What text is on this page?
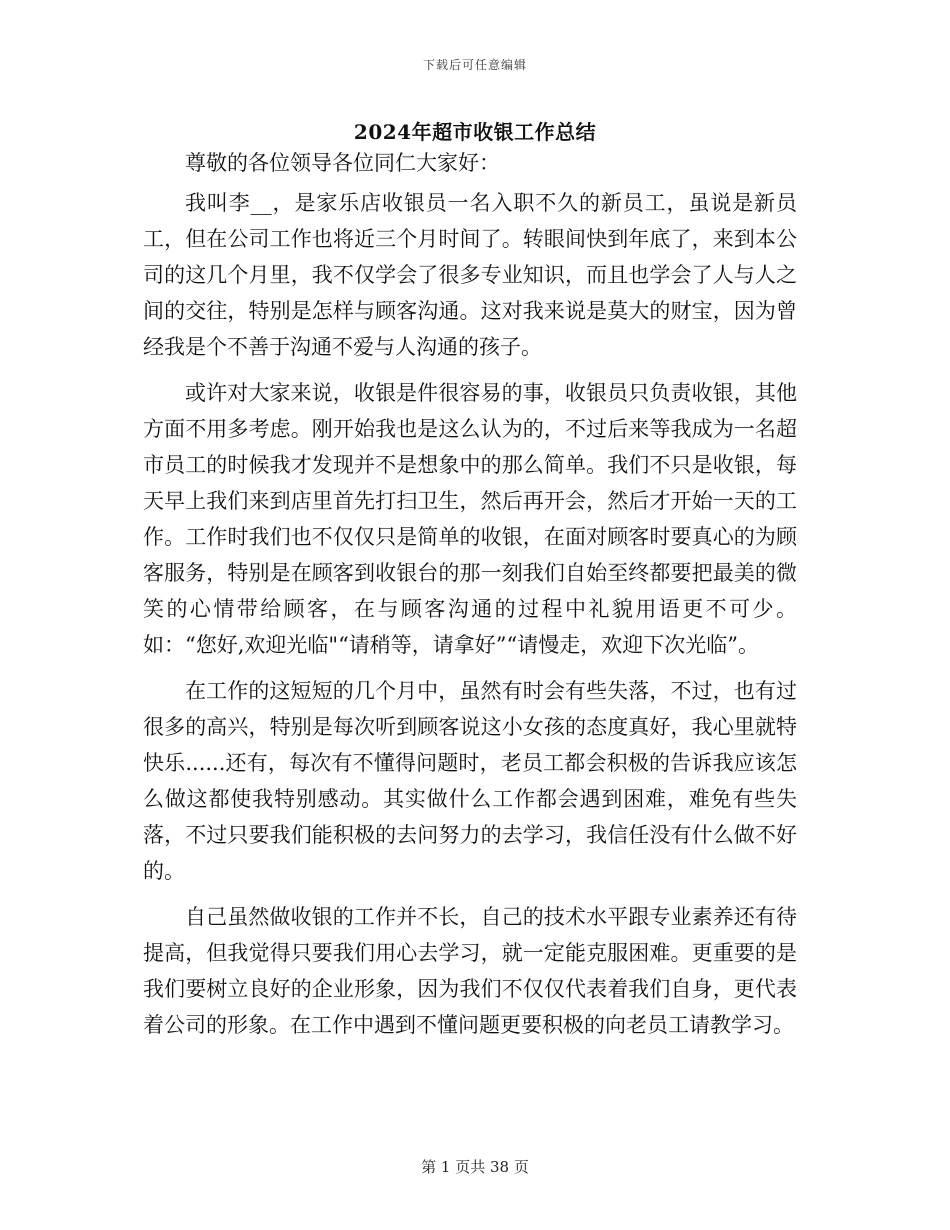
下载后可任意编辑
2024年超市收银工作总结

尊敬的各位领导各位同仁大家好：

我叫李__，是家乐店收银员一名入职不久的新员工，虽说是新员工，但在公司工作也将近三个月时间了。转眼间快到年底了，来到本公司的这几个月里，我不仅学会了很多专业知识，而且也学会了人与人之间的交往，特别是怎样与顾客沟通。这对我来说是莫大的财宝，因为曾经我是个不善于沟通不爱与人沟通的孩子。

或许对大家来说，收银是件很容易的事，收银员只负责收银，其他方面不用多考虑。刚开始我也是这么认为的，不过后来等我成为一名超市员工的时候我才发现并不是想象中的那么简单。我们不只是收银，每天早上我们来到店里首先打扫卫生，然后再开会，然后才开始一天的工作。工作时我们也不仅仅只是简单的收银，在面对顾客时要真心的为顾客服务，特别是在顾客到收银台的那一刻我们自始至终都要把最美的微笑的心情带给顾客，在与顾客沟通的过程中礼貌用语更不可少。如：“您好,欢迎光临"“请稍等，请拿好”“请慢走，欢迎下次光临”。

在工作的这短短的几个月中，虽然有时会有些失落，不过，也有过很多的高兴，特别是每次听到顾客说这小女孩的态度真好，我心里就特快乐......还有，每次有不懂得问题时，老员工都会积极的告诉我应该怎么做这都使我特别感动。其实做什么工作都会遇到困难，难免有些失落，不过只要我们能积极的去问努力的去学习，我信任没有什么做不好的。

自己虽然做收银的工作并不长，自己的技术水平跟专业素养还有待提高，但我觉得只要我们用心去学习，就一定能克服困难。更重要的是我们要树立良好的企业形象，因为我们不仅仅代表着我们自身，更代表着公司的形象。在工作中遇到不懂问题更要积极的向老员工请教学习。

第 1 页共 38 页
